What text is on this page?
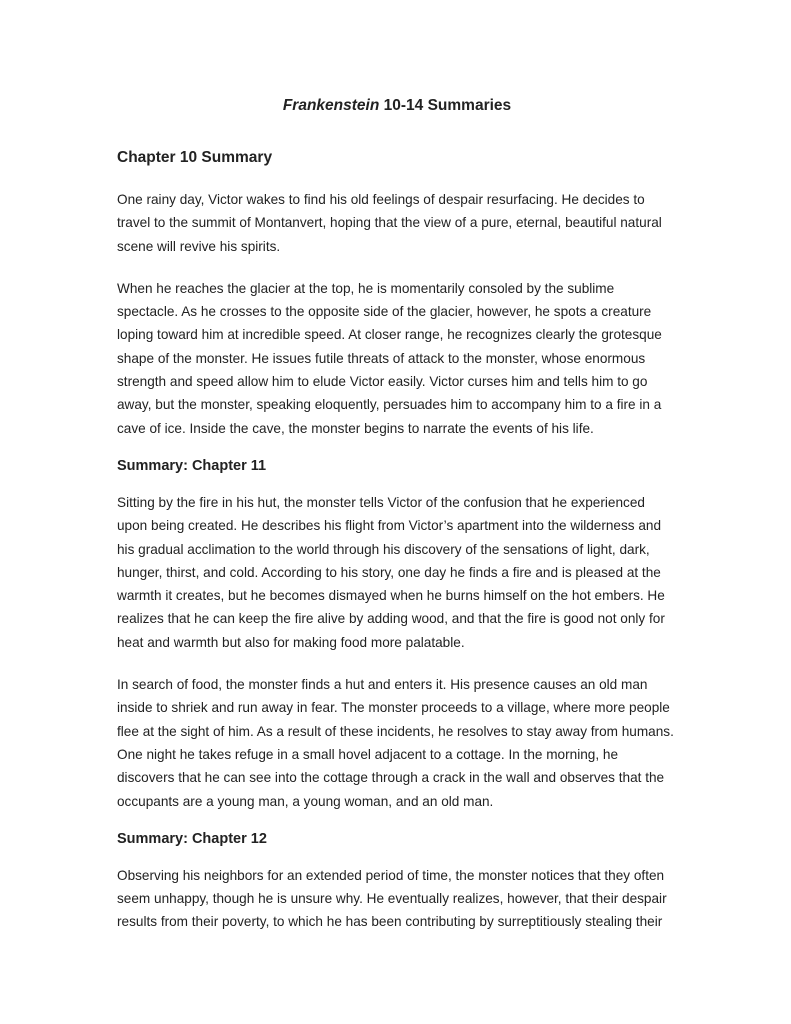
Frankenstein 10-14 Summaries
Chapter 10 Summary

One rainy day, Victor wakes to find his old feelings of despair resurfacing. He decides to travel to the summit of Montanvert, hoping that the view of a pure, eternal, beautiful natural scene will revive his spirits.

When he reaches the glacier at the top, he is momentarily consoled by the sublime spectacle. As he crosses to the opposite side of the glacier, however, he spots a creature loping toward him at incredible speed. At closer range, he recognizes clearly the grotesque shape of the monster. He issues futile threats of attack to the monster, whose enormous strength and speed allow him to elude Victor easily. Victor curses him and tells him to go away, but the monster, speaking eloquently, persuades him to accompany him to a fire in a cave of ice. Inside the cave, the monster begins to narrate the events of his life.

Summary: Chapter 11

Sitting by the fire in his hut, the monster tells Victor of the confusion that he experienced upon being created. He describes his flight from Victor’s apartment into the wilderness and his gradual acclimation to the world through his discovery of the sensations of light, dark, hunger, thirst, and cold. According to his story, one day he finds a fire and is pleased at the warmth it creates, but he becomes dismayed when he burns himself on the hot embers. He realizes that he can keep the fire alive by adding wood, and that the fire is good not only for heat and warmth but also for making food more palatable.

In search of food, the monster finds a hut and enters it. His presence causes an old man inside to shriek and run away in fear. The monster proceeds to a village, where more people flee at the sight of him. As a result of these incidents, he resolves to stay away from humans. One night he takes refuge in a small hovel adjacent to a cottage. In the morning, he discovers that he can see into the cottage through a crack in the wall and observes that the occupants are a young man, a young woman, and an old man.

Summary: Chapter 12

Observing his neighbors for an extended period of time, the monster notices that they often seem unhappy, though he is unsure why. He eventually realizes, however, that their despair results from their poverty, to which he has been contributing by surreptitiously stealing their
